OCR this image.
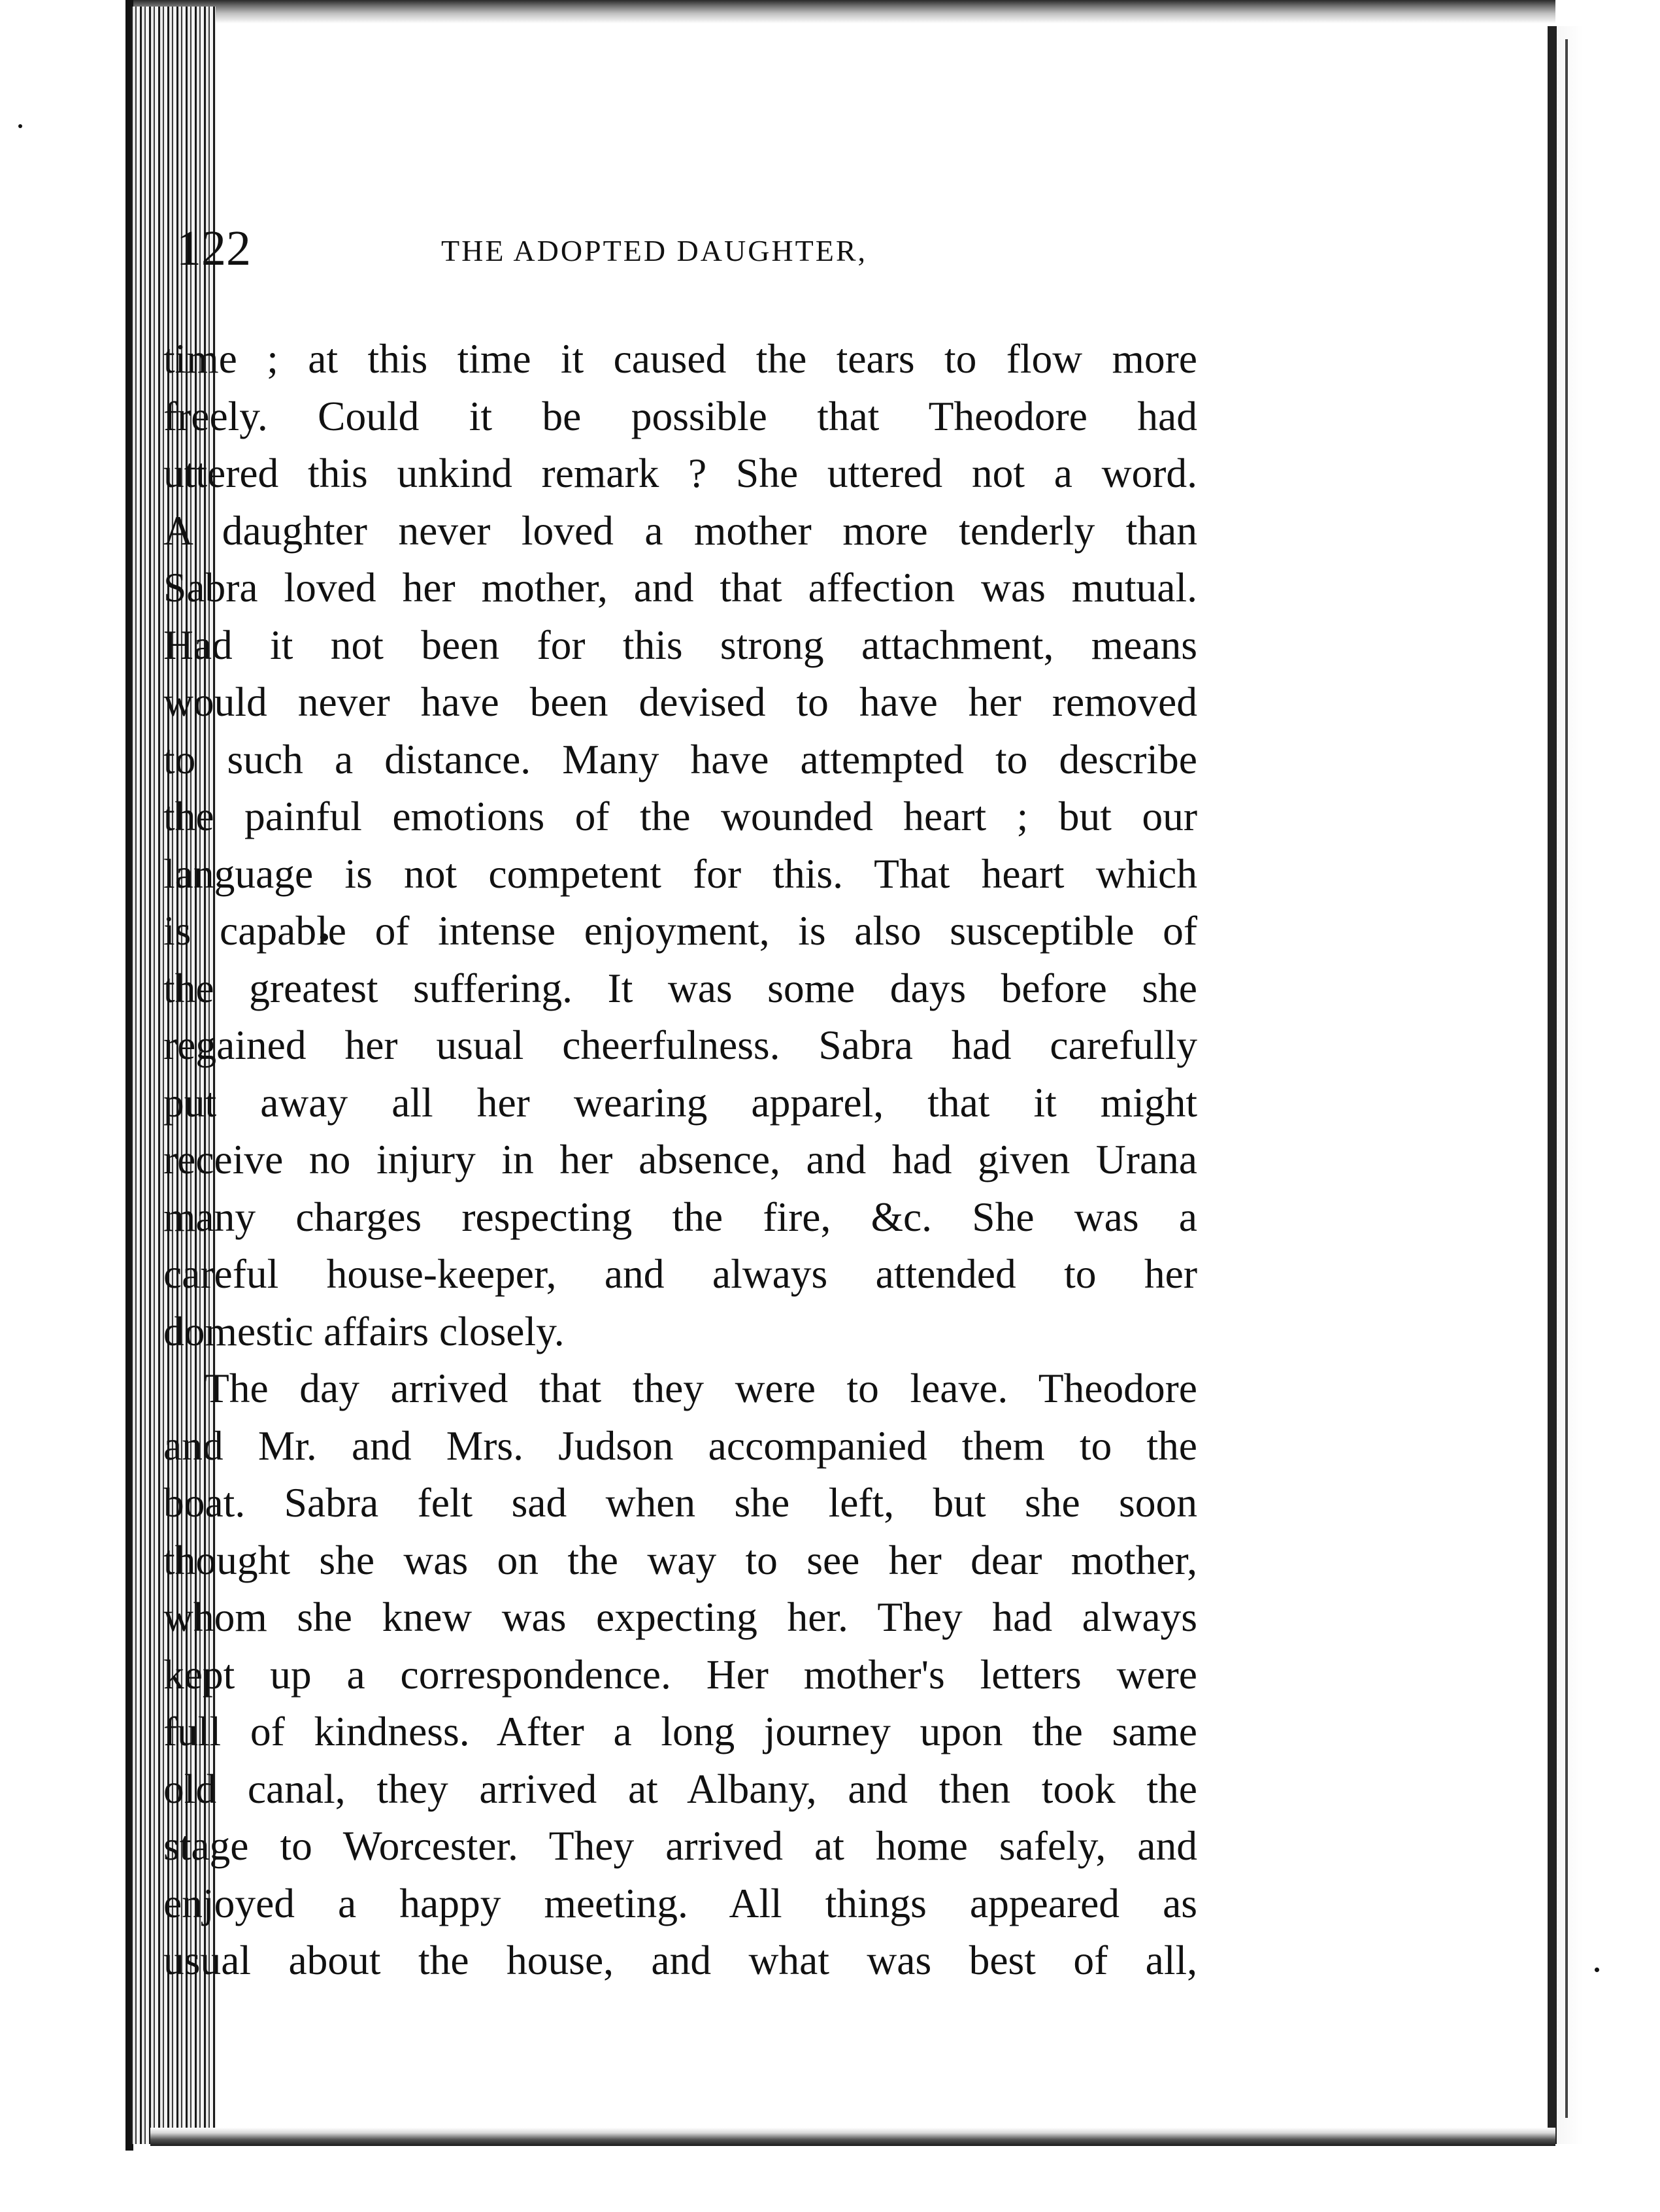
122	THE ADOPTED DAUGHTER,
time ; at this time it caused the tears to flow more
freely. Could it be possible that Theodore had
uttered this unkind remark ? She uttered not a word.
A daughter never loved a mother more tenderly than
Sabra loved her mother, and that affection was mutual.
Had it not been for this strong attachment, means
would never have been devised to have her removed
to such a distance. Many have attempted to describe
the painful emotions of the wounded heart ; but our
language is not competent for this. That heart which
is capable of intense enjoyment, is also susceptible of
the greatest suffering. It was some days before she
regained her usual cheerfulness. Sabra had carefully
put away all her wearing apparel, that it might
receive no injury in her absence, and had given Urana
many charges respecting the fire, &c. She was a
careful house-keeper, and always attended to her
domestic affairs closely.
The day arrived that they were to leave. Theodore
and Mr. and Mrs. Judson accompanied them to the
boat. Sabra felt sad when she left, but she soon
thought she was on the way to see her dear mother,
whom she knew was expecting her. They had always
kept up a correspondence. Her mother's letters were
full of kindness. After a long journey upon the same
old canal, they arrived at Albany, and then took the
stage to Worcester. They arrived at home safely, and
enjoyed a happy meeting. All things appeared as
usual about the house, and what was best of all,
